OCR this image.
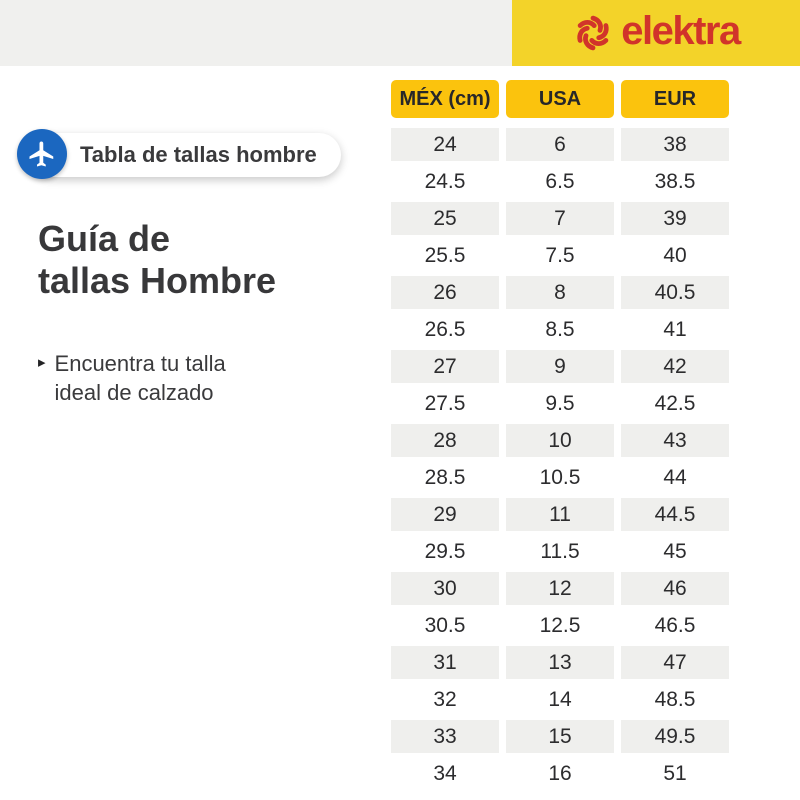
elektra
Tabla de tallas hombre
Guía de
tallas Hombre
▸ Encuentra tu talla
ideal de calzado
MÉX (cm)	USA	EUR
24	6	38
24.5	6.5	38.5
25	7	39
25.5	7.5	40
26	8	40.5
26.5	8.5	41
27	9	42
27.5	9.5	42.5
28	10	43
28.5	10.5	44
29	11	44.5
29.5	11.5	45
30	12	46
30.5	12.5	46.5
31	13	47
32	14	48.5
33	15	49.5
34	16	51
